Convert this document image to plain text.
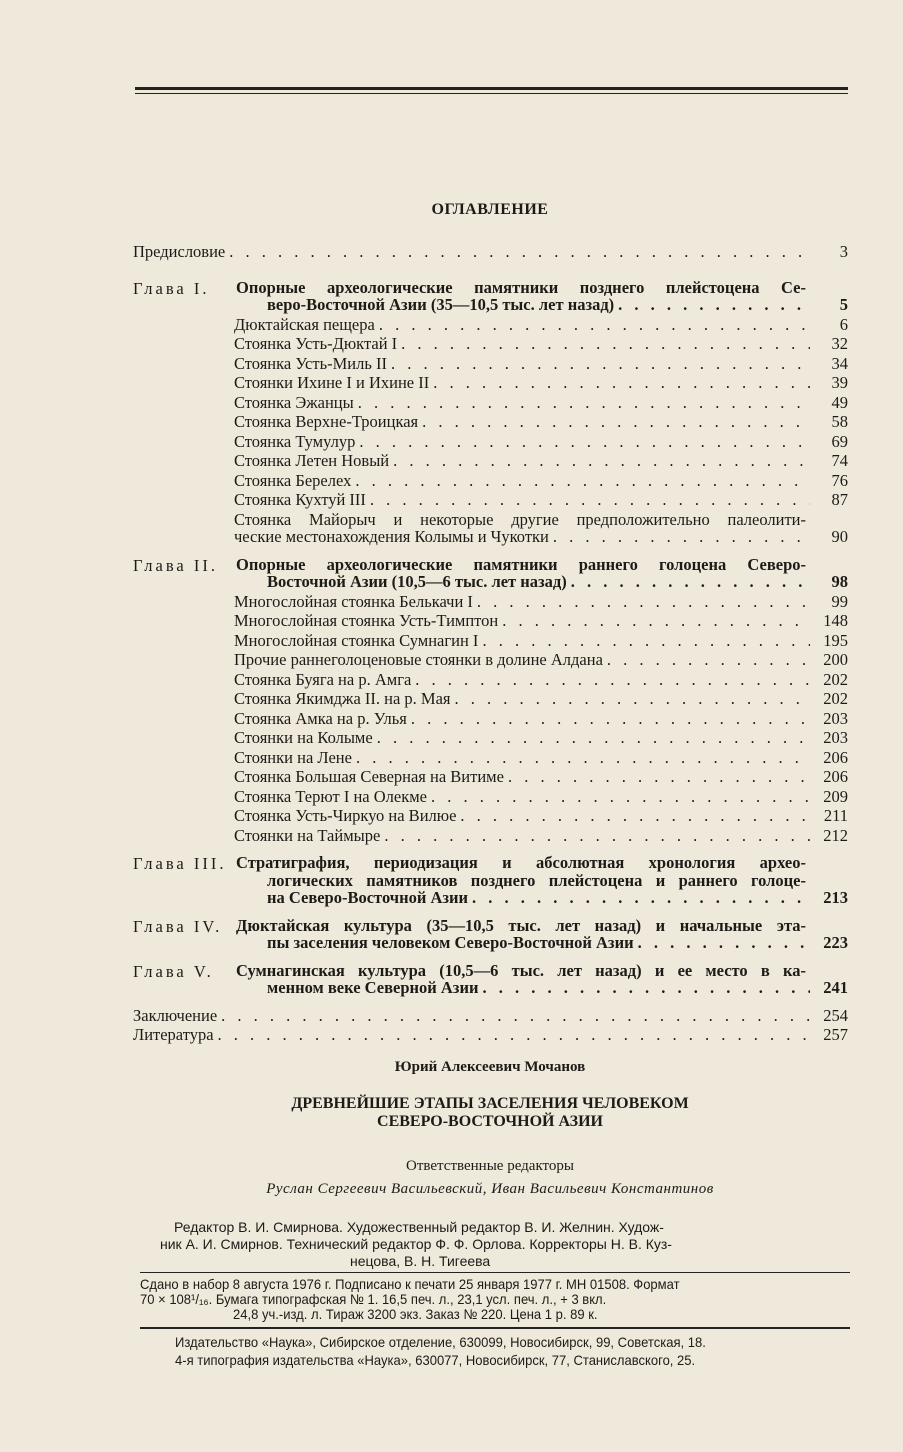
ОГЛАВЛЕНИЕ
Предисловие . . .	3
Глава I. Опорные археологические памятники позднего плейстоцена Се-
веро-Восточной Азии (35—10,5 тыс. лет назад) . . .	5
Дюктайская пещера . . .	6
Стоянка Усть-Дюктай I . . .	32
Стоянка Усть-Миль II . . .	34
Стоянки Ихине I и Ихине II . . .	39
Стоянка Эжанцы . . .	49
Стоянка Верхне-Троицкая . . .	58
Стоянка Тумулур . . .	69
Стоянка Летен Новый . . .	74
Стоянка Берелех . . .	76
Стоянка Кухтуй III . . .	87
Стоянка Майорыч и некоторые другие предположительно палеолити-
ческие местонахождения Колымы и Чукотки . . .	90
Глава II. Опорные археологические памятники раннего голоцена Северо-
Восточной Азии (10,5—6 тыс. лет назад) . . .	98
Многослойная стоянка Белькачи I . . .	99
Многослойная стоянка Усть-Тимптон . . .	148
Многослойная стоянка Сумнагин I . . .	195
Прочие раннеголоценовые стоянки в долине Алдана . . .	200
Стоянка Буяга на р. Амга . . .	202
Стоянка Якимджа II. на р. Мая . . .	202
Стоянка Амка на р. Улья . . .	203
Стоянки на Колыме . . .	203
Стоянки на Лене . . .	206
Стоянка Большая Северная на Витиме . . .	206
Стоянка Терют I на Олекме . . .	209
Стоянка Усть-Чиркуо на Вилюе . . .	211
Стоянки на Таймыре . . .	212
Глава III. Стратиграфия, периодизация и абсолютная хронология архео-
логических памятников позднего плейстоцена и раннего голоце-
на Северо-Восточной Азии . . .	213
Глава IV. Дюктайская культура (35—10,5 тыс. лет назад) и начальные эта-
пы заселения человеком Северо-Восточной Азии . . .	223
Глава V. Сумнагинская культура (10,5—6 тыс. лет назад) и ее место в ка-
менном веке Северной Азии . . .	241
Заключение . . .	254
Литература . . .	257
Юрий Алексеевич Мочанов
ДРЕВНЕЙШИЕ ЭТАПЫ ЗАСЕЛЕНИЯ ЧЕЛОВЕКОМ
СЕВЕРО-ВОСТОЧНОЙ АЗИИ
Ответственные редакторы
Руслан Сергеевич Васильевский, Иван Васильевич Константинов
Редактор В. И. Смирнова. Художественный редактор В. И. Желнин. Худож-
ник А. И. Смирнов. Технический редактор Ф. Ф. Орлова. Корректоры Н. В. Куз-
нецова, В. Н. Тигеева
Сдано в набор 8 августа 1976 г. Подписано к печати 25 января 1977 г. МН 01508. Формат
70 × 108¹/₁₆. Бумага типографская № 1. 16,5 печ. л., 23,1 усл. печ. л., + 3 вкл.
24,8 уч.-изд. л. Тираж 3200 экз. Заказ № 220. Цена 1 р. 89 к.
Издательство «Наука», Сибирское отделение, 630099, Новосибирск, 99, Советская, 18.
4-я типография издательства «Наука», 630077, Новосибирск, 77, Станиславского, 25.
